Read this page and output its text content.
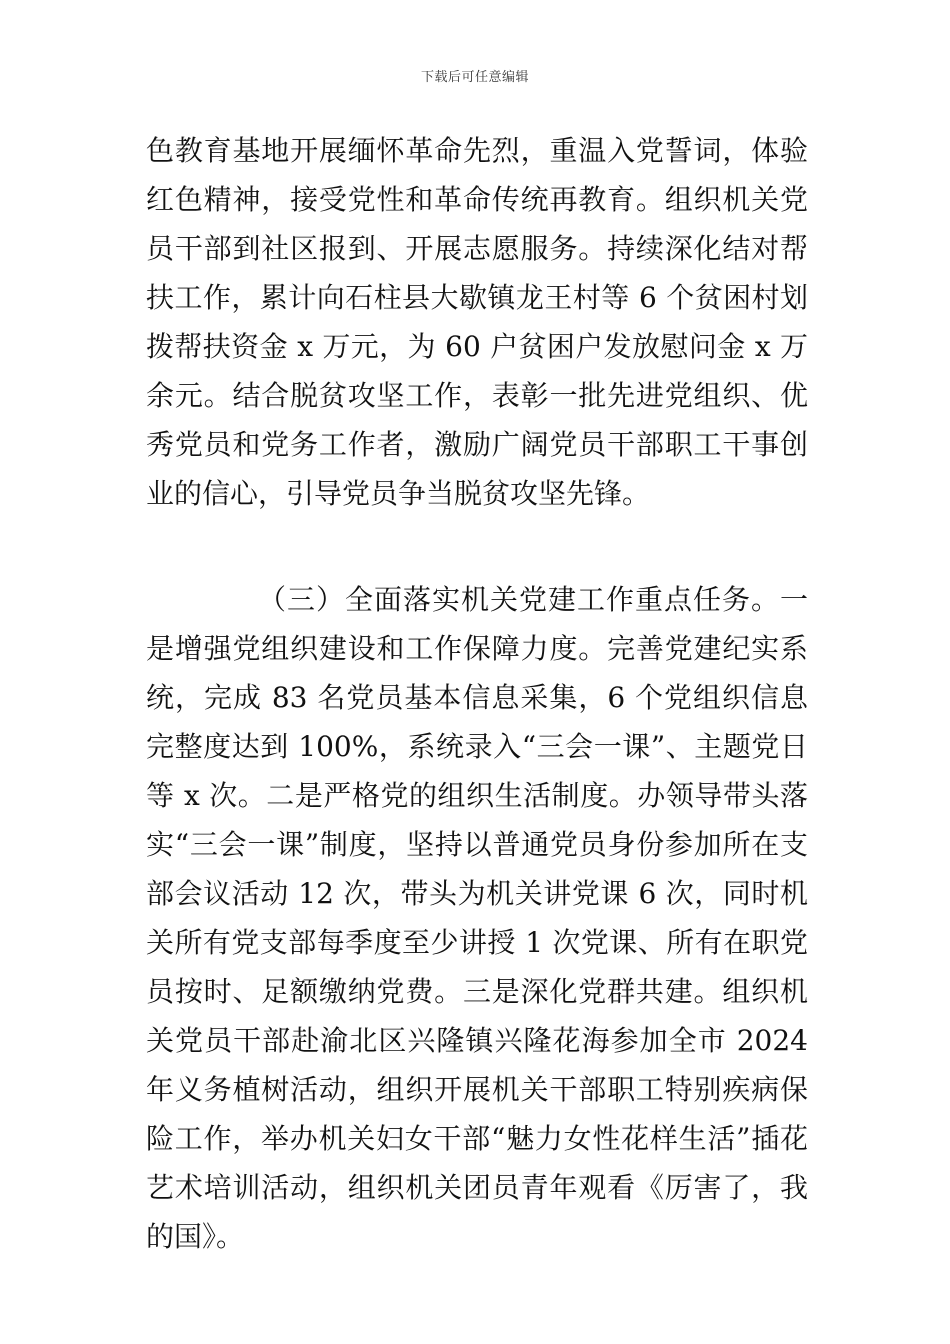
下载后可任意编辑

色教育基地开展缅怀革命先烈，重温入党誓词，体验红色精神，接受党性和革命传统再教育。组织机关党员干部到社区报到、开展志愿服务。持续深化结对帮扶工作，累计向石柱县大歇镇龙王村等 6 个贫困村划拨帮扶资金 x 万元，为 60 户贫困户发放慰问金 x 万余元。结合脱贫攻坚工作，表彰一批先进党组织、优秀党员和党务工作者，激励广阔党员干部职工干事创业的信心，引导党员争当脱贫攻坚先锋。

（三）全面落实机关党建工作重点任务。一是增强党组织建设和工作保障力度。完善党建纪实系统，完成 83 名党员基本信息采集，6 个党组织信息完整度达到 100%，系统录入“三会一课”、主题党日等 x 次。二是严格党的组织生活制度。办领导带头落实“三会一课”制度，坚持以普通党员身份参加所在支部会议活动 12 次，带头为机关讲党课 6 次，同时机关所有党支部每季度至少讲授 1 次党课、所有在职党员按时、足额缴纳党费。三是深化党群共建。组织机关党员干部赴渝北区兴隆镇兴隆花海参加全市 2024 年义务植树活动，组织开展机关干部职工特别疾病保险工作，举办机关妇女干部“魅力女性花样生活”插花艺术培训活动，组织机关团员青年观看《厉害了，我的国》。
